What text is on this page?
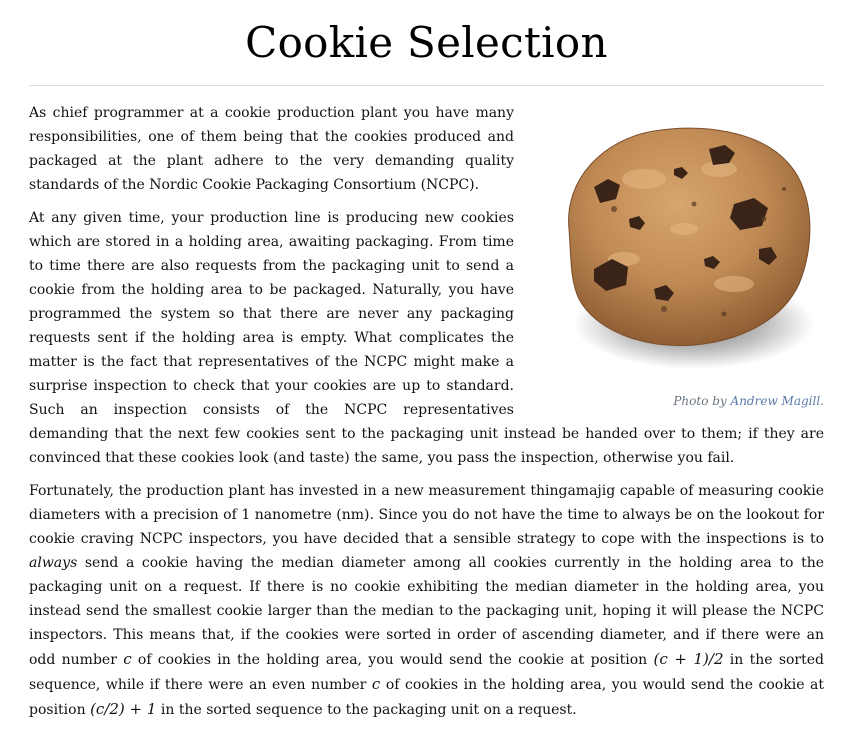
Cookie Selection
Photo by Andrew Magill.

As chief programmer at a cookie production plant you have many responsibilities, one of them being that the cookies produced and packaged at the plant adhere to the very demanding quality standards of the Nordic Cookie Packaging Consortium (NCPC).

At any given time, your production line is producing new cookies which are stored in a holding area, awaiting packaging. From time to time there are also requests from the packaging unit to send a cookie from the holding area to be packaged. Naturally, you have programmed the system so that there are never any packaging requests sent if the holding area is empty. What complicates the matter is the fact that representatives of the NCPC might make a surprise inspection to check that your cookies are up to standard. Such an inspection consists of the NCPC representatives demanding that the next few cookies sent to the packaging unit instead be handed over to them; if they are convinced that these cookies look (and taste) the same, you pass the inspection, otherwise you fail.

Fortunately, the production plant has invested in a new measurement thingamajig capable of measuring cookie diameters with a precision of 1 nanometre (nm). Since you do not have the time to always be on the lookout for cookie craving NCPC inspectors, you have decided that a sensible strategy to cope with the inspections is to always send a cookie having the median diameter among all cookies currently in the holding area to the packaging unit on a request. If there is no cookie exhibiting the median diameter in the holding area, you instead send the smallest cookie larger than the median to the packaging unit, hoping it will please the NCPC inspectors. This means that, if the cookies were sorted in order of ascending diameter, and if there were an odd number c of cookies in the holding area, you would send the cookie at position (c + 1)/2 in the sorted sequence, while if there were an even number c of cookies in the holding area, you would send the cookie at position (c/2) + 1 in the sorted sequence to the packaging unit on a request.
